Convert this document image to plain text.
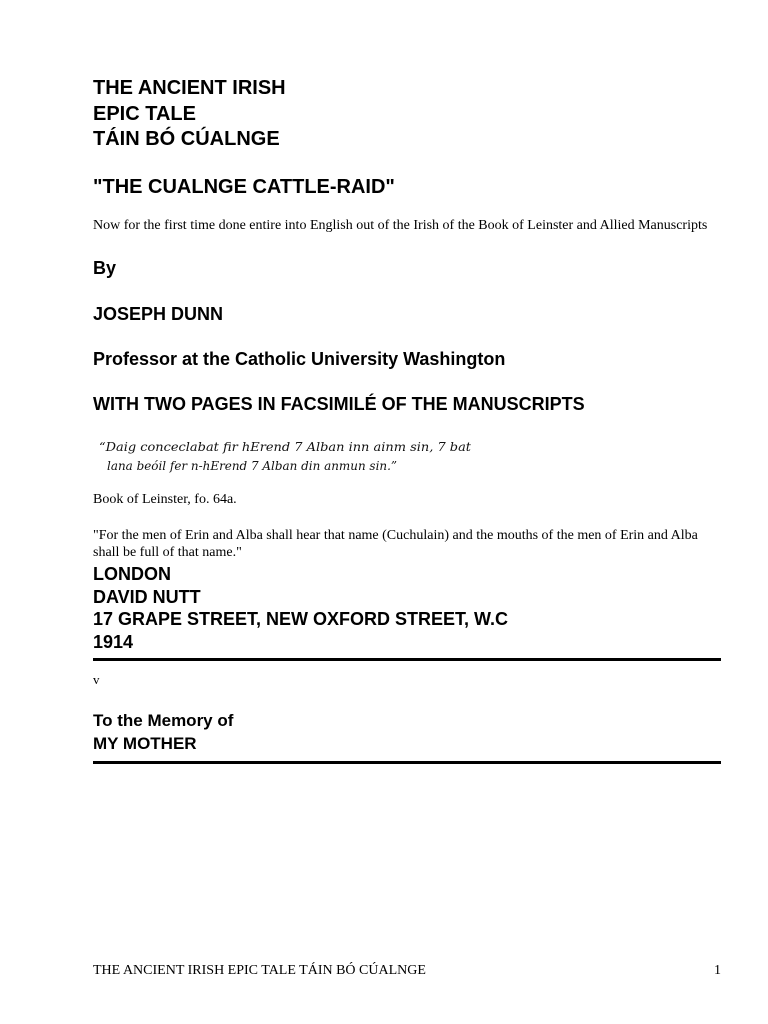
THE ANCIENT IRISH
EPIC TALE
TÁIN BÓ CÚALNGE
"THE CUALNGE CATTLE-RAID"
Now for the first time done entire into English out of the Irish of the Book of Leinster and Allied Manuscripts
By
JOSEPH DUNN
Professor at the Catholic University Washington
WITH TWO PAGES IN FACSIMILÉ OF THE MANUSCRIPTS
“Daig conceclabat fir hErend 7 Alban inn ainm sin, 7 bat
lana beóil fer n-hErend 7 Alban din anmun sin.”
Book of Leinster, fo. 64a.
"For the men of Erin and Alba shall hear that name (Cuchulain) and the mouths of the men of Erin and Alba shall be full of that name."
LONDON
DAVID NUTT
17 GRAPE STREET, NEW OXFORD STREET, W.C
1914
v
To the Memory of
MY MOTHER
THE ANCIENT IRISH EPIC TALE TÁIN BÓ CÚALNGE	1
